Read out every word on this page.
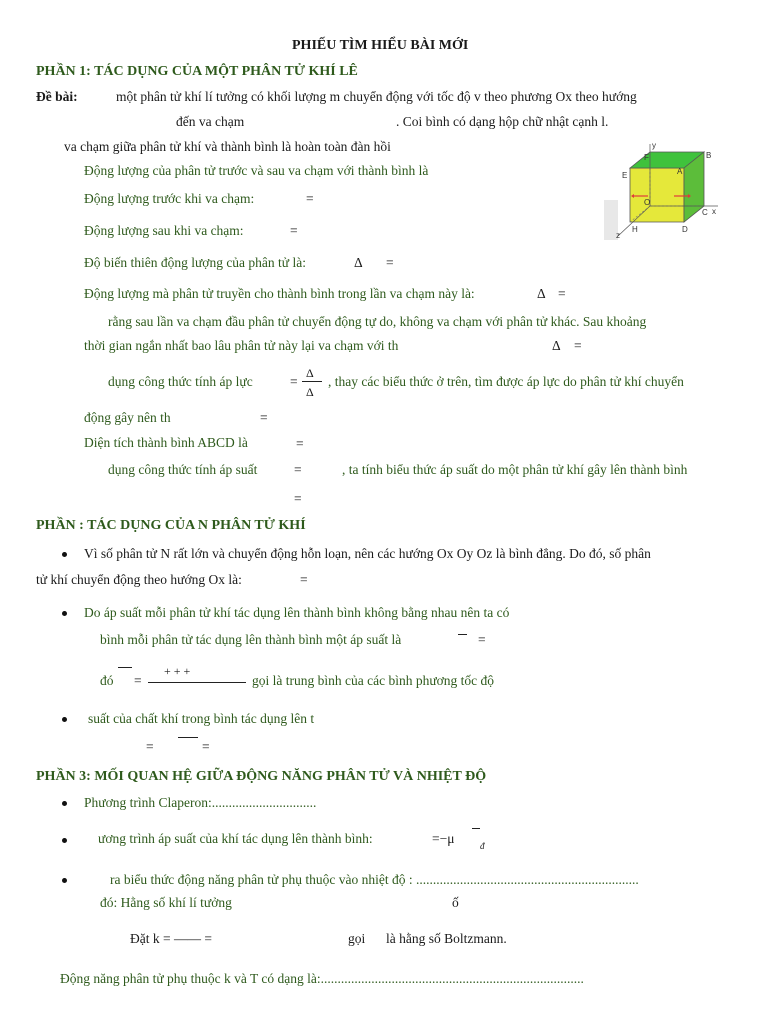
PHIẾU TÌM HIỂU BÀI MỚI
PHẦN 1: TÁC DỤNG CỦA MỘT PHÂN TỬ KHÍ LÊ
Đề bài:	một phân tử khí lí tưởng có khối lượng m chuyển động với tốc độ v theo phương Ox theo hướng
đến va chạm	. Coi bình có dạng hộp chữ nhật cạnh l.
va chạm giữa phân tử khí và thành bình là hoàn toàn đàn hồi
Động lượng của phân tử trước và sau va chạm với thành bình là
Động lượng trước khi va chạm:	=
Động lượng sau khi va chạm:	=
Độ biến thiên động lượng của phân tử là:	Δ =
Động lượng mà phân tử truyền cho thành bình trong lần va chạm này là:	Δ =
rằng sau lần va chạm đầu phân tử chuyển động tự do, không va chạm với phân tử khác. Sau khoảng
thời gian ngắn nhất bao lâu phân tử này lại va chạm với th	Δ =
dụng công thức tính áp lực	=
Δ
Δ
, thay các biểu thức ở trên, tìm được áp lực do phân tử khí chuyển
động gây nên th	=
Diện tích thành bình ABCD là	=
dụng công thức tính áp suất	=	, ta tính biểu thức áp suất do một phân tử khí gây lên thành bình
=
y
F	B
E	A
O
C x
z
H	D
PHẦN : TÁC DỤNG CỦA N PHÂN TỬ KHÍ
Vì số phân tử N rất lớn và chuyển động hỗn loạn, nên các hướng Ox Oy Oz là bình đẳng. Do đó, số phân
tử khí chuyển động theo hướng Ox là:	=
Do áp suất mỗi phân tử khí tác dụng lên thành bình không bằng nhau nên ta có
bình mỗi phân tử tác dụng lên thành bình một áp suất là	=
đó =
+ + +
gọi là trung bình của các bình phương tốc độ
suất của chất khí trong bình tác dụng lên t
=	=
PHẦN 3: MỐI QUAN HỆ GIỮA ĐỘNG NĂNG PHÂN TỬ VÀ NHIỆT ĐỘ
Phương trình Claperon:...............................
ương trình áp suất của khí tác dụng lên thành bình:	=−μ	đ
ra biểu thức động năng phân tử phụ thuộc vào nhiệt độ : ..................................................................
đó: Hằng số khí lí tưởng	ố
Đặt k = —— =	gọi là hằng số Boltzmann.
Động năng phân tử phụ thuộc k và T có dạng là:..............................................................................
